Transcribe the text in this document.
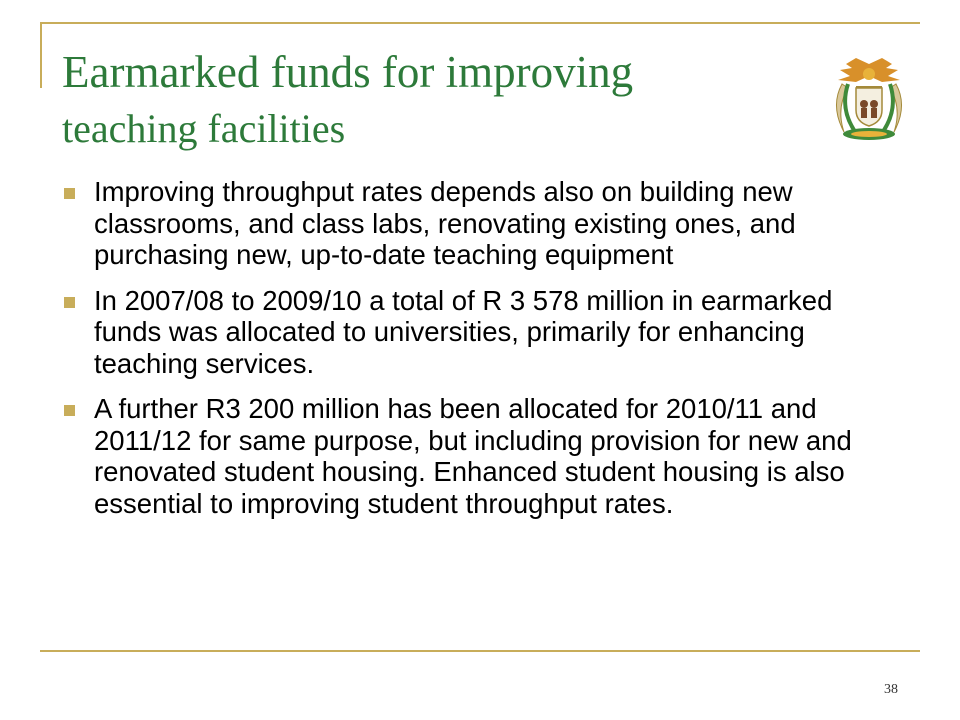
Earmarked funds for improving
teaching facilities
Improving throughput rates depends also on building new classrooms, and class labs, renovating existing ones, and purchasing new, up-to-date teaching equipment
In 2007/08 to 2009/10 a total of R 3 578 million in earmarked funds was allocated to universities, primarily for enhancing teaching services.
A further R3 200 million has been allocated for 2010/11 and 2011/12 for same purpose, but including provision for new and renovated student housing. Enhanced student housing is also essential to improving student throughput rates.
38
